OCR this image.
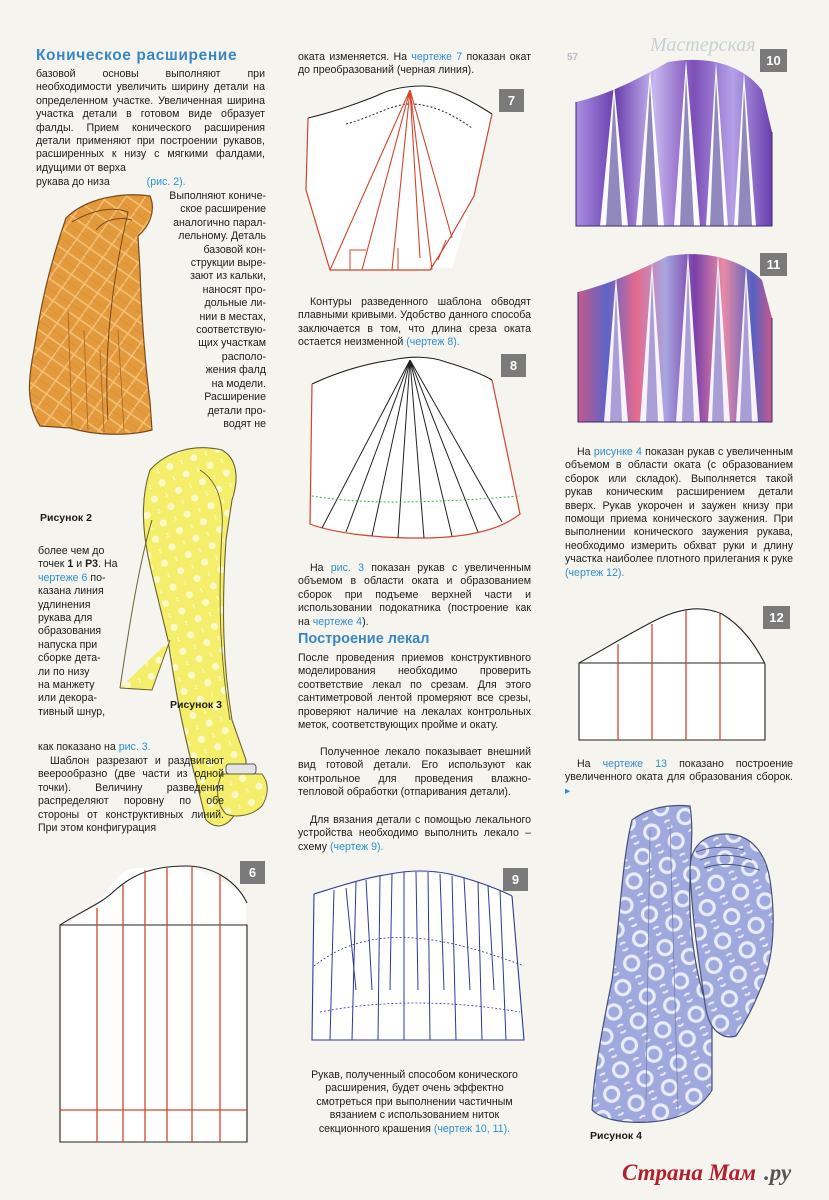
Мастерская
57
Коническое расширение
базовой основы выполняют при необходимости увеличить ширину детали на определенном участке. Увеличенная ширина участка детали в готовом виде образует фалды. Прием конического расширения детали применяют при построении рукавов, расширенных к низу с мягкими фалдами, идущими от верха
рукава до низа	(рис. 2).
Выполняют кониче-
ское расширение
аналогично парал-
лельному. Деталь
базовой кон-
струкции выре-
зают из кальки,
наносят про-
дольные ли-
нии в местах,
соответствую-
щих участкам
располо-
жения фалд
на модели.
Расширение
детали про-
водят не
Рисунок 2
Рисунок 3
Рисунок 4
более чем до
точек 1 и Р3. На
чертеже 6 по-
казана линия
удлинения
рукава для
образования
напуска при
сборке дета-
ли по низу
на манжету
или декора-
тивный шнур,
как показано на рис. 3.
Шаблон разрезают и раздвигают веерообразно (две части из одной точки). Величину разведения распределяют поровну по обе стороны от конструктивных линий. При этом конфигурация
6
7
8
9
10
11
12
оката изменяется. На чертеже 7 показан окат до преобразований (черная линия).
Контуры разведенного шаблона обводят плавными кривыми. Удобство данного способа заключается в том, что длина среза оката остается неизменной (чертеж 8).
На рис. 3 показан рукав с увеличенным объемом в области оката и образованием сборок при подъеме верхней части и использовании подокатника (построение как на чертеже 4).
Построение лекал
После проведения приемов конструктивного моделирования необходимо проверить соответствие лекал по срезам. Для этого сантиметровой лентой промеряют все срезы, проверяют наличие на лекалах контрольных меток, соответствующих пройме и окату.
Полученное лекало показывает внешний вид готовой детали. Его используют как контрольное для проведения влажно-тепловой обработки (отпаривания детали).
Для вязания детали с помощью лекального устройства необходимо выполнить лекало –схему (чертеж 9).
Рукав, полученный способом конического расширения, будет очень эффектно смотреться при выполнении частичным вязанием с использованием ниток секционного крашения (чертеж 10, 11).
На рисунке 4 показан рукав с увеличенным объемом в области оката (с образованием сборок или складок). Выполняется такой рукав коническим расширением детали вверх. Рукав укорочен и заужен книзу при помощи приема конического заужения. При выполнении конического заужения рукава, необходимо измерить обхват руки и длину участка наиболее плотного прилегания к руке (чертеж 12).
На чертеже 13 показано построение увеличенного оката для образования сборок. ▸
Страна Мам .ру
